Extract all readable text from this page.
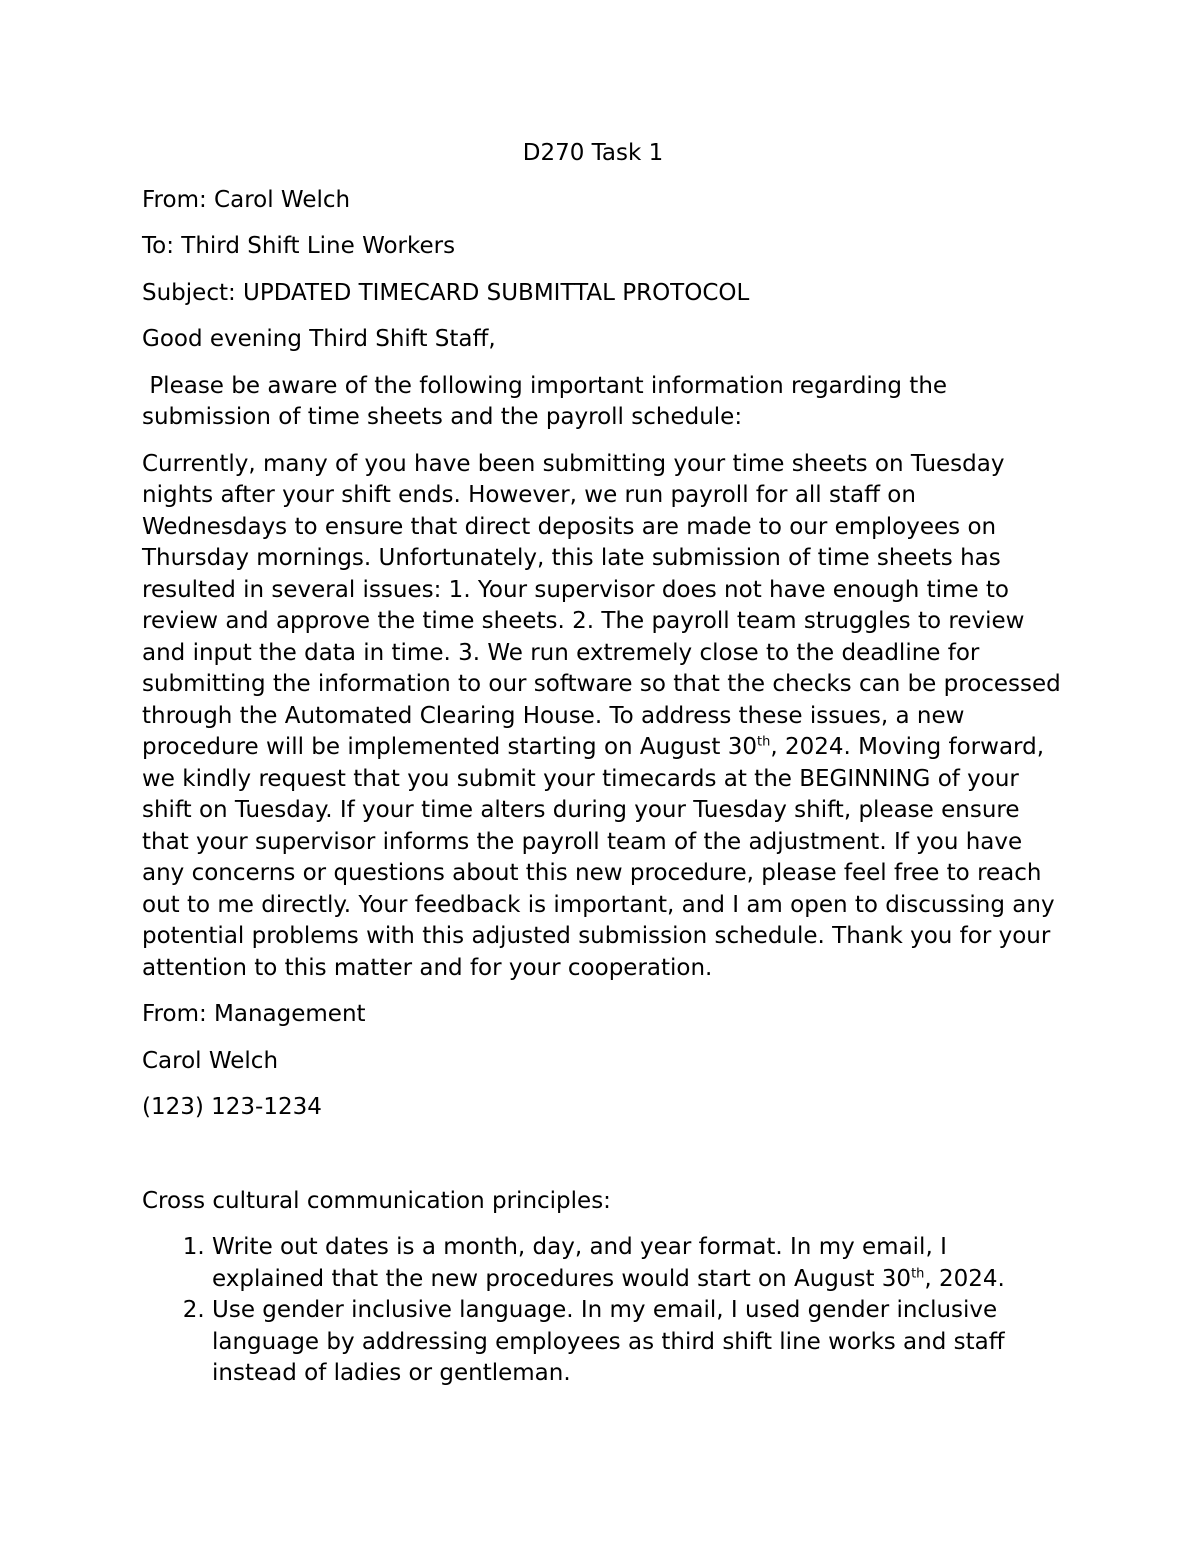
D270 Task 1

From: Carol Welch

To: Third Shift Line Workers

Subject: UPDATED TIMECARD SUBMITTAL PROTOCOL

Good evening Third Shift Staff,

Please be aware of the following important information regarding the submission of time sheets and the payroll schedule:

Currently, many of you have been submitting your time sheets on Tuesday nights after your shift ends. However, we run payroll for all staff on Wednesdays to ensure that direct deposits are made to our employees on Thursday mornings. Unfortunately, this late submission of time sheets has resulted in several issues: 1. Your supervisor does not have enough time to review and approve the time sheets. 2. The payroll team struggles to review and input the data in time. 3. We run extremely close to the deadline for submitting the information to our software so that the checks can be processed through the Automated Clearing House. To address these issues, a new procedure will be implemented starting on August 30th, 2024. Moving forward, we kindly request that you submit your timecards at the BEGINNING of your shift on Tuesday. If your time alters during your Tuesday shift, please ensure that your supervisor informs the payroll team of the adjustment. If you have any concerns or questions about this new procedure, please feel free to reach out to me directly. Your feedback is important, and I am open to discussing any potential problems with this adjusted submission schedule. Thank you for your attention to this matter and for your cooperation.

From: Management

Carol Welch

(123) 123-1234

Cross cultural communication principles:

1. Write out dates is a month, day, and year format. In my email, I explained that the new procedures would start on August 30th, 2024.
2. Use gender inclusive language. In my email, I used gender inclusive language by addressing employees as third shift line works and staff instead of ladies or gentleman.
